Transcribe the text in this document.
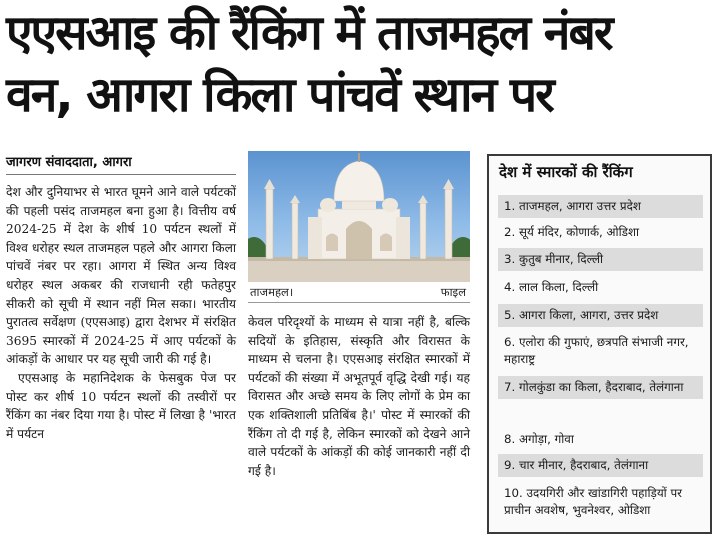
एएसआइ की रैंकिंग में ताजमहल नंबर
वन, आगरा किला पांचवें स्थान पर
जागरण संवाददाता, आगरा

देश और दुनियाभर से भारत घूमने आने वाले पर्यटकों की पहली पसंद ताजमहल बना हुआ है। वित्तीय वर्ष 2024-25 में देश के शीर्ष 10 पर्यटन स्थलों में विश्व धरोहर स्थल ताजमहल पहले और आगरा किला पांचवें नंबर पर रहा। आगरा में स्थित अन्य विश्व धरोहर स्थल अकबर की राजधानी रही फतेहपुर सीकरी को सूची में स्थान नहीं मिल सका। भारतीय पुरातत्व सर्वेक्षण (एएसआइ) द्वारा देशभर में संरक्षित 3695 स्मारकों में 2024-25 में आए पर्यटकों के आंकड़ों के आधार पर यह सूची जारी की गई है।

एएसआइ के महानिदेशक के फेसबुक पेज पर पोस्ट कर शीर्ष 10 पर्यटन स्थलों की तस्वीरों पर रैंकिंग का नंबर दिया गया है। पोस्ट में लिखा है 'भारत में पर्यटन

ताजमहल।	फाइल

केवल परिदृश्यों के माध्यम से यात्रा नहीं है, बल्कि सदियों के इतिहास, संस्कृति और विरासत के माध्यम से चलना है। एएसआइ संरक्षित स्मारकों में पर्यटकों की संख्या में अभूतपूर्व वृद्धि देखी गई। यह विरासत और अच्छे समय के लिए लोगों के प्रेम का एक शक्तिशाली प्रतिबिंब है।' पोस्ट में स्मारकों की रैंकिंग तो दी गई है, लेकिन स्मारकों को देखने आने वाले पर्यटकों के आंकड़ों की कोई जानकारी नहीं दी गई है।

देश में स्मारकों की रैंकिंग
1. ताजमहल, आगरा उत्तर प्रदेश
2. सूर्य मंदिर, कोणार्क, ओडिशा
3. कुतुब मीनार, दिल्ली
4. लाल किला, दिल्ली
5. आगरा किला, आगरा, उत्तर प्रदेश
6. एलोरा की गुफाएं, छत्रपति संभाजी नगर, महाराष्ट्र
7. गोलकुंडा का किला, हैदराबाद, तेलंगाना
8. अगोड़ा, गोवा
9. चार मीनार, हैदराबाद, तेलंगाना
10. उदयगिरी और खांडागिरी पहाड़ियों पर प्राचीन अवशेष, भुवनेश्वर, ओडिशा
